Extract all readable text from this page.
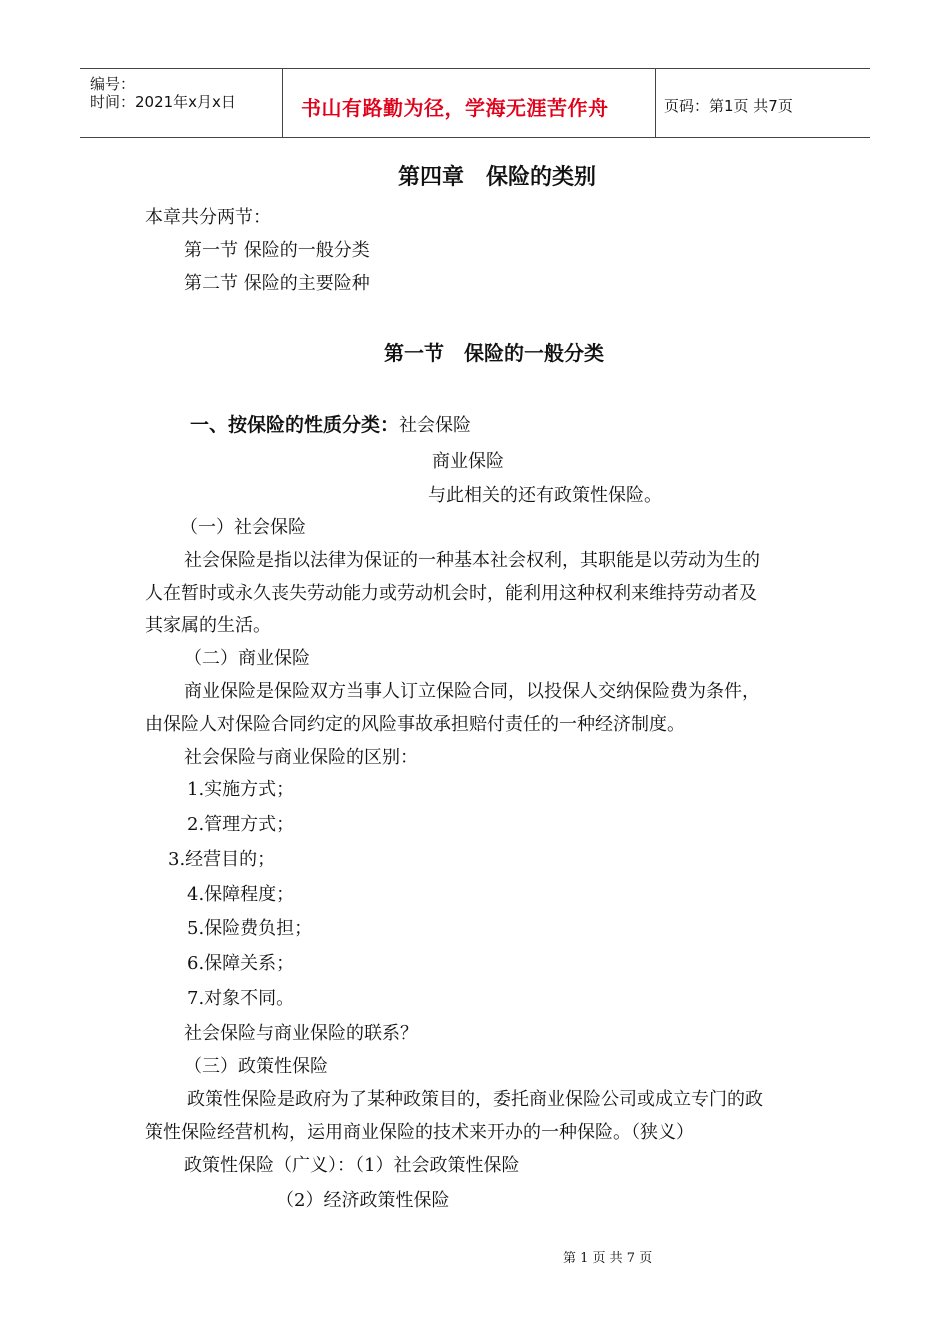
编号：
时间：2021年x月x日	书山有路勤为径，学海无涯苦作舟	页码：第1页 共7页
第四章　保险的类别
本章共分两节：
第一节 保险的一般分类
第二节 保险的主要险种
第一节　保险的一般分类
一、按保险的性质分类：社会保险
商业保险
与此相关的还有政策性保险。
（一）社会保险
社会保险是指以法律为保证的一种基本社会权利，其职能是以劳动为生的
人在暂时或永久丧失劳动能力或劳动机会时，能利用这种权利来维持劳动者及
其家属的生活。
（二）商业保险
商业保险是保险双方当事人订立保险合同，以投保人交纳保险费为条件，
由保险人对保险合同约定的风险事故承担赔付责任的一种经济制度。
社会保险与商业保险的区别：
1.实施方式；
2.管理方式；
3.经营目的；
4.保障程度；
5.保险费负担；
6.保障关系；
7.对象不同。
社会保险与商业保险的联系？
（三）政策性保险
政策性保险是政府为了某种政策目的，委托商业保险公司或成立专门的政
策性保险经营机构，运用商业保险的技术来开办的一种保险。（狭义）
政策性保险（广义）：（1）社会政策性保险
（2）经济政策性保险
第 1 页 共 7 页
